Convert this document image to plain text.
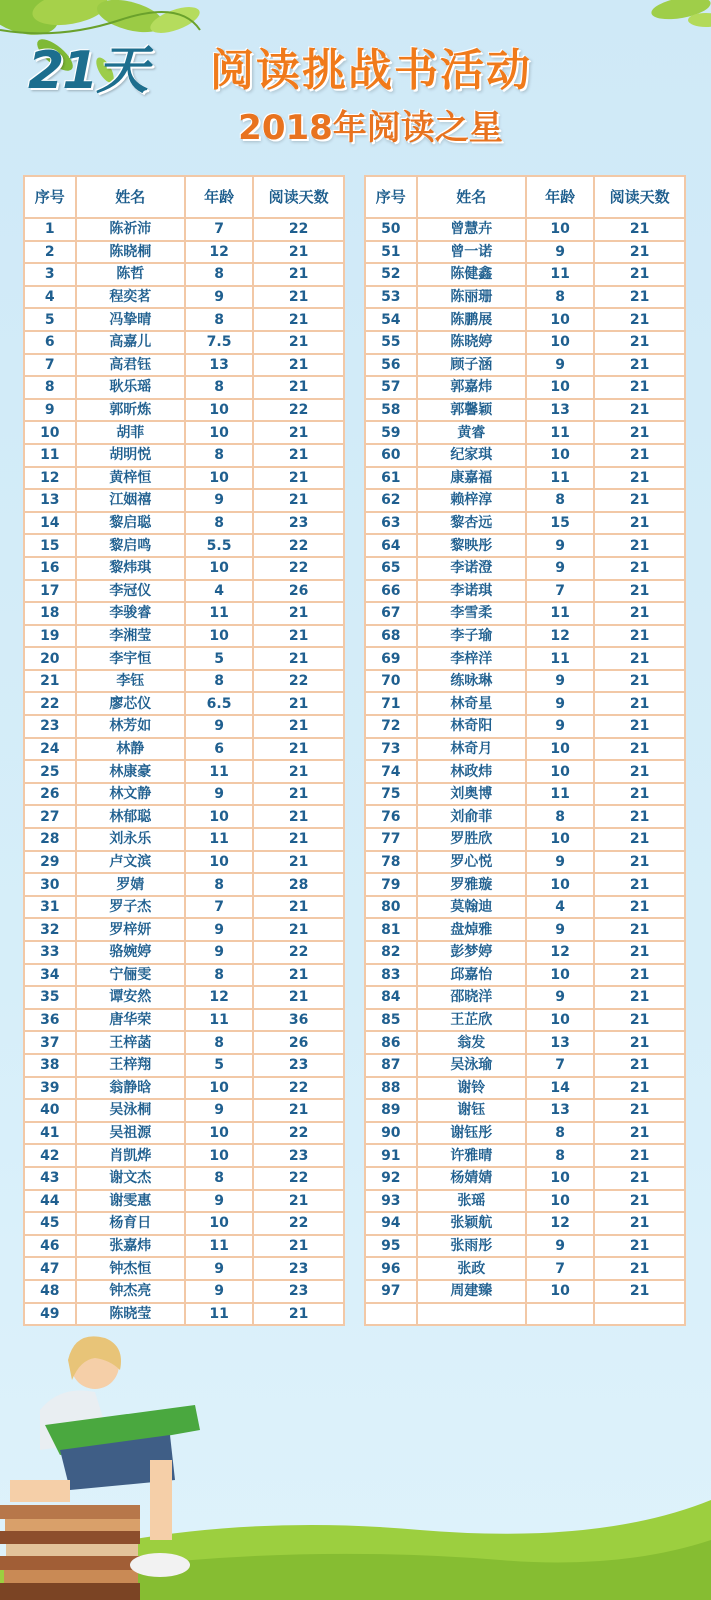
21天 阅读挑战书活动
2018年阅读之星
序号	姓名	年龄	阅读天数
1	陈祈沛	7	22
2	陈晓桐	12	21
3	陈哲	8	21
4	程奕茗	9	21
5	冯挚晴	8	21
6	高嘉儿	7.5	21
7	高君钰	13	21
8	耿乐瑶	8	21
9	郭昕炼	10	22
10	胡菲	10	21
11	胡明悦	8	21
12	黄梓恒	10	21
13	江姻禧	9	21
14	黎启聪	8	23
15	黎启鸣	5.5	22
16	黎炜琪	10	22
17	李冠仪	4	26
18	李骏睿	11	21
19	李湘莹	10	21
20	李宇恒	5	21
21	李钰	8	22
22	廖芯仪	6.5	21
23	林芳如	9	21
24	林静	6	21
25	林康豪	11	21
26	林文静	9	21
27	林郁聪	10	21
28	刘永乐	11	21
29	卢文滨	10	21
30	罗婧	8	28
31	罗子杰	7	21
32	罗梓妍	9	21
33	骆婉婷	9	22
34	宁俪雯	8	21
35	谭安然	12	21
36	唐华荣	11	36
37	王梓菡	8	26
38	王梓翔	5	23
39	翁静晗	10	22
40	吴泳桐	9	21
41	吴祖源	10	22
42	肖凯烨	10	23
43	谢文杰	8	22
44	谢雯惠	9	21
45	杨育日	10	22
46	张嘉炜	11	21
47	钟杰恒	9	23
48	钟杰亮	9	23
49	陈晓莹	11	21
序号	姓名	年龄	阅读天数
50	曾慧卉	10	21
51	曾一诺	9	21
52	陈健鑫	11	21
53	陈丽珊	8	21
54	陈鹏展	10	21
55	陈晓婷	10	21
56	顾子涵	9	21
57	郭嘉炜	10	21
58	郭馨颖	13	21
59	黄睿	11	21
60	纪家琪	10	21
61	康嘉福	11	21
62	赖梓淳	8	21
63	黎杏远	15	21
64	黎映彤	9	21
65	李诺澄	9	21
66	李诺琪	7	21
67	李雪柔	11	21
68	李子瑜	12	21
69	李梓洋	11	21
70	练咏琳	9	21
71	林奇星	9	21
72	林奇阳	9	21
73	林奇月	10	21
74	林政炜	10	21
75	刘奥博	11	21
76	刘俞菲	8	21
77	罗胜欣	10	21
78	罗心悦	9	21
79	罗雅璇	10	21
80	莫翰迪	4	21
81	盘焯雅	9	21
82	彭梦婷	12	21
83	邱嘉怡	10	21
84	邵晓洋	9	21
85	王芷欣	10	21
86	翁发	13	21
87	吴泳瑜	7	21
88	谢铃	14	21
89	谢钰	13	21
90	谢钰彤	8	21
91	许雅晴	8	21
92	杨婧婧	10	21
93	张瑶	10	21
94	张颖航	12	21
95	张雨彤	9	21
96	张政	7	21
97	周建臻	10	21
